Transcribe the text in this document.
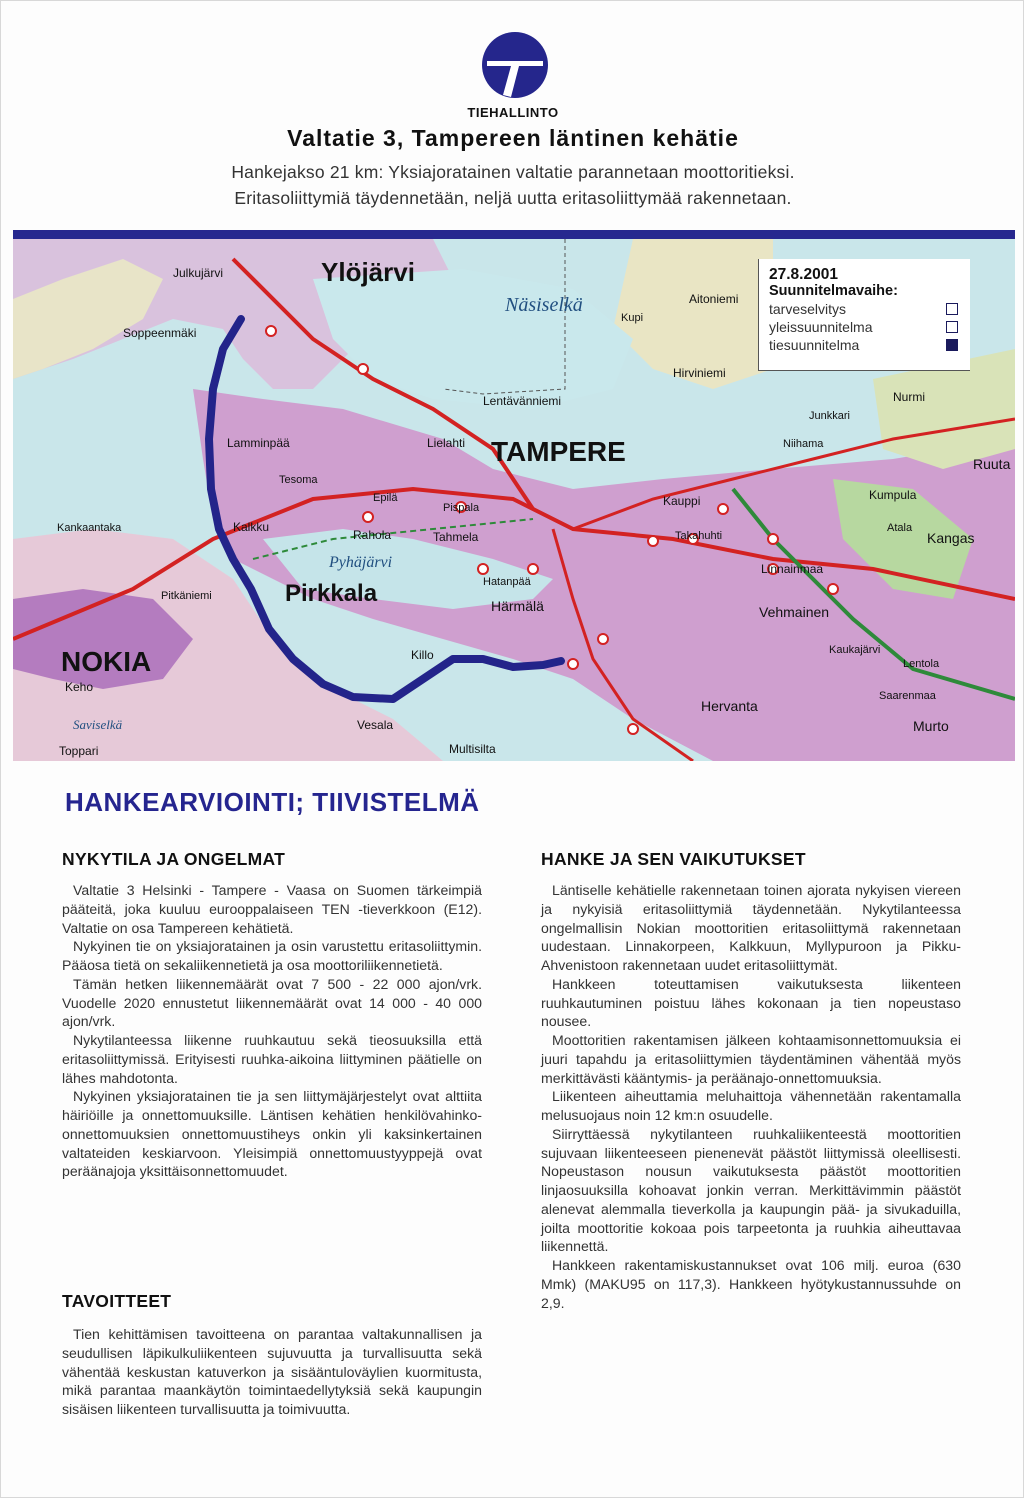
TIEHALLINTO
Valtatie 3, Tampereen läntinen kehätie
Hankejakso 21 km: Yksiajoratainen valtatie parannetaan moottoritieksi.
Eritasoliittymiä täydennetään, neljä uutta eritasoliittymää rakennetaan.
Ylöjärvi
Näsiselkä
TAMPERE
Pirkkala
NOKIA
Pyhäjärvi
Soppeenmäki
Julkujärvi
Lielahti
Lentävänniemi
Rahola	Tahmela
Kauppi
Hervanta
Vesala
Toppari
Keho
Kalkku
Hatanpää
Härmälä
Killo
Hirviniemi
Aitoniemi
Kupi
Nurmi
Ruuta
Kumpula
Kangas
Vehmainen
Linnainmaa
Lentola
Murto
Saarenmaa
Multisilta
Tesoma
Lamminpää
Epilä
Pispala
Kaukajärvi
Takahuhti
Niihama
Junkkari
Pitkäniemi
Kankaantaka
Saviselkä
Atala
27.8.2001
Suunnitelmavaihe:
tarveselvitys
yleissuunnitelma
tiesuunnitelma
HANKEARVIOINTI; TIIVISTELMÄ
NYKYTILA JA ONGELMAT

Valtatie 3 Helsinki - Tampere - Vaasa on Suomen tärkeimpiä pääteitä, joka kuuluu eurooppalaiseen TEN -tieverkkoon (E12). Valtatie on osa Tampereen kehätietä.

Nykyinen tie on yksiajoratainen ja osin varustettu eritasoliittymin. Pääosa tietä on sekaliikennetietä ja osa moottoriliikennetietä.

Tämän hetken liikennemäärät ovat 7 500 - 22 000 ajon/vrk. Vuodelle 2020 ennustetut liikennemäärät ovat 14 000 - 40 000 ajon/vrk.

Nykytilanteessa liikenne ruuhkautuu sekä tieosuuksilla että eritasoliittymissä. Erityisesti ruuhka-aikoina liittyminen päätielle on lähes mahdotonta.

Nykyinen yksiajoratainen tie ja sen liittymäjärjestelyt ovat alttiita häiriöille ja onnettomuuksille. Läntisen kehätien henkilövahinko-onnettomuuksien onnettomuustiheys onkin yli kaksinkertainen valtateiden keskiarvoon. Yleisimpiä onnettomuustyyppejä ovat peräänajoja yksittäisonnettomuudet.

TAVOITTEET

Tien kehittämisen tavoitteena on parantaa valtakunnallisen ja seudullisen läpikulkuliikenteen sujuvuutta ja turvallisuutta sekä vähentää keskustan katuverkon ja sisääntuloväylien kuormitusta, mikä parantaa maankäytön toimintaedellytyksiä sekä kaupungin sisäisen liikenteen turvallisuutta ja toimivuutta.

HANKE JA SEN VAIKUTUKSET

Läntiselle kehätielle rakennetaan toinen ajorata nykyisen viereen ja nykyisiä eritasoliittymiä täydennetään. Nykytilanteessa ongelmallisin Nokian moottoritien eritasoliittymä rakennetaan uudestaan. Linnakorpeen, Kalkkuun, Myllypuroon ja Pikku-Ahvenistoon rakennetaan uudet eritasoliittymät.

Hankkeen toteuttamisen vaikutuksesta liikenteen ruuhkautuminen poistuu lähes kokonaan ja tien nopeustaso nousee.

Moottoritien rakentamisen jälkeen kohtaamisonnettomuuksia ei juuri tapahdu ja eritasoliittymien täydentäminen vähentää myös merkittävästi kääntymis- ja peräänajo-onnettomuuksia.

Liikenteen aiheuttamia meluhaittoja vähennetään rakentamalla melusuojaus noin 12 km:n osuudelle.

Siirryttäessä nykytilanteen ruuhkaliikenteestä moottoritien sujuvaan liikenteeseen pienenevät päästöt liittymissä oleellisesti. Nopeustason nousun vaikutuksesta päästöt moottoritien linjaosuuksilla kohoavat jonkin verran. Merkittävimmin päästöt alenevat alemmalla tieverkolla ja kaupungin pää- ja sivukaduilla, joilta moottoritie kokoaa pois tarpeetonta ja ruuhkia aiheuttavaa liikennettä.

Hankkeen rakentamiskustannukset ovat 106 milj. euroa (630 Mmk) (MAKU95 on 117,3). Hankkeen hyötykustannussuhde on 2,9.
